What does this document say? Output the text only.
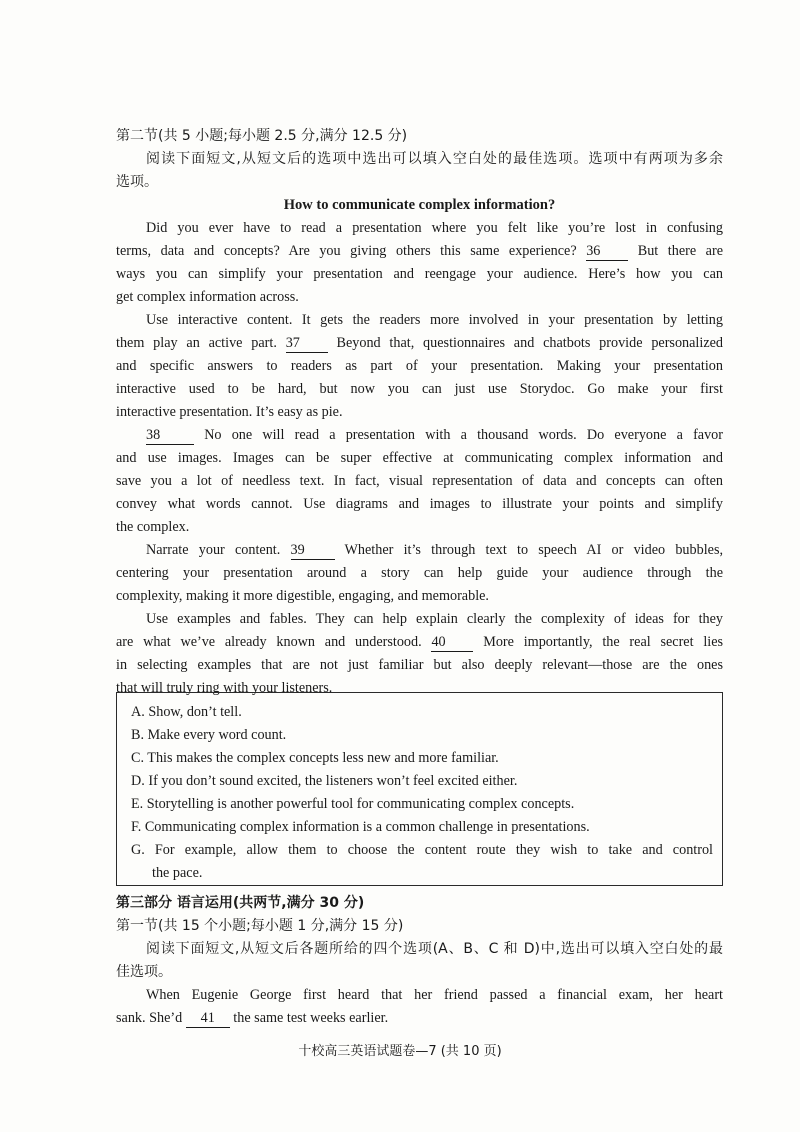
第二节(共 5 小题;每小题 2.5 分,满分 12.5 分)
阅读下面短文,从短文后的选项中选出可以填入空白处的最佳选项。选项中有两项为多余
选项。
How to communicate complex information?
Did you ever have to read a presentation where you felt like you’re lost in confusing
terms, data and concepts? Are you giving others this same experience? 36	But there are
ways you can simplify your presentation and reengage your audience. Here’s how you can
get complex information across.
Use interactive content. It gets the readers more involved in your presentation by letting
them play an active part. 37	Beyond that, questionnaires and chatbots provide personalized
and specific answers to readers as part of your presentation. Making your presentation
interactive used to be hard, but now you can just use Storydoc. Go make your first
interactive presentation. It’s easy as pie.
38	No one will read a presentation with a thousand words. Do everyone a favor
and use images. Images can be super effective at communicating complex information and
save you a lot of needless text. In fact, visual representation of data and concepts can often
convey what words cannot. Use diagrams and images to illustrate your points and simplify
the complex.
Narrate your content. 39	Whether it’s through text to speech AI or video bubbles,
centering your presentation around a story can help guide your audience through the
complexity, making it more digestible, engaging, and memorable.
Use examples and fables. They can help explain clearly the complexity of ideas for they
are what we’ve already known and understood. 40	More importantly, the real secret lies
in selecting examples that are not just familiar but also deeply relevant—those are the ones
that will truly ring with your listeners.
A. Show, don’t tell.
B. Make every word count.
C. This makes the complex concepts less new and more familiar.
D. If you don’t sound excited, the listeners won’t feel excited either.
E. Storytelling is another powerful tool for communicating complex concepts.
F. Communicating complex information is a common challenge in presentations.
G. For example, allow them to choose the content route they wish to take and control
the pace.
第三部分 语言运用(共两节,满分 30 分)
第一节(共 15 个小题;每小题 1 分,满分 15 分)
阅读下面短文,从短文后各题所给的四个选项(A、B、C 和 D)中,选出可以填入空白处的最
佳选项。
When Eugenie George first heard that her friend passed a financial exam, her heart
sank. She’d 41 the same test weeks earlier.
十校高三英语试题卷—7 (共 10 页)
